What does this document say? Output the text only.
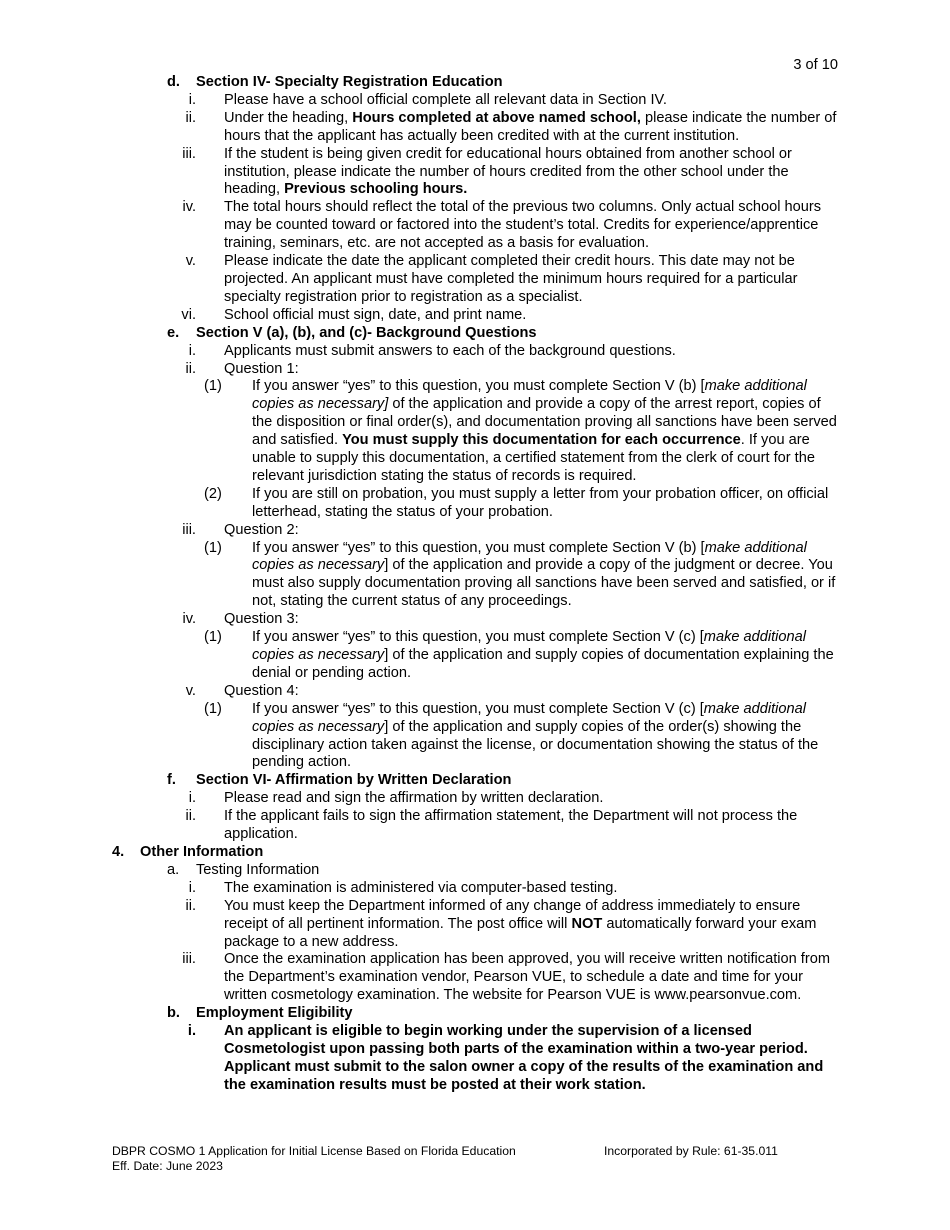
3 of 10
d. Section IV- Specialty Registration Education
i. Please have a school official complete all relevant data in Section IV.
ii. Under the heading, Hours completed at above named school, please indicate the number of hours that the applicant has actually been credited with at the current institution.
iii. If the student is being given credit for educational hours obtained from another school or institution, please indicate the number of hours credited from the other school under the heading, Previous schooling hours.
iv. The total hours should reflect the total of the previous two columns. Only actual school hours may be counted toward or factored into the student’s total. Credits for experience/apprentice training, seminars, etc. are not accepted as a basis for evaluation.
v. Please indicate the date the applicant completed their credit hours. This date may not be projected. An applicant must have completed the minimum hours required for a particular specialty registration prior to registration as a specialist.
vi. School official must sign, date, and print name.
e. Section V (a), (b), and (c)- Background Questions
i. Applicants must submit answers to each of the background questions.
ii. Question 1:
(1) If you answer “yes” to this question, you must complete Section V (b) [make additional copies as necessary] of the application and provide a copy of the arrest report, copies of the disposition or final order(s), and documentation proving all sanctions have been served and satisfied. You must supply this documentation for each occurrence. If you are unable to supply this documentation, a certified statement from the clerk of court for the relevant jurisdiction stating the status of records is required.
(2) If you are still on probation, you must supply a letter from your probation officer, on official letterhead, stating the status of your probation.
iii. Question 2:
(1) If you answer “yes” to this question, you must complete Section V (b) [make additional copies as necessary] of the application and provide a copy of the judgment or decree. You must also supply documentation proving all sanctions have been served and satisfied, or if not, stating the current status of any proceedings.
iv. Question 3:
(1) If you answer “yes” to this question, you must complete Section V (c) [make additional copies as necessary] of the application and supply copies of documentation explaining the denial or pending action.
v. Question 4:
(1) If you answer “yes” to this question, you must complete Section V (c) [make additional copies as necessary] of the application and supply copies of the order(s) showing the disciplinary action taken against the license, or documentation showing the status of the pending action.
f. Section VI- Affirmation by Written Declaration
i. Please read and sign the affirmation by written declaration.
ii. If the applicant fails to sign the affirmation statement, the Department will not process the application.
4. Other Information
a. Testing Information
i. The examination is administered via computer-based testing.
ii. You must keep the Department informed of any change of address immediately to ensure receipt of all pertinent information. The post office will NOT automatically forward your exam package to a new address.
iii. Once the examination application has been approved, you will receive written notification from the Department’s examination vendor, Pearson VUE, to schedule a date and time for your written cosmetology examination. The website for Pearson VUE is www.pearsonvue.com.
b. Employment Eligibility
i. An applicant is eligible to begin working under the supervision of a licensed Cosmetologist upon passing both parts of the examination within a two-year period. Applicant must submit to the salon owner a copy of the results of the examination and the examination results must be posted at their work station.
DBPR COSMO 1 Application for Initial License Based on Florida Education	Incorporated by Rule: 61-35.011
Eff. Date: June 2023
